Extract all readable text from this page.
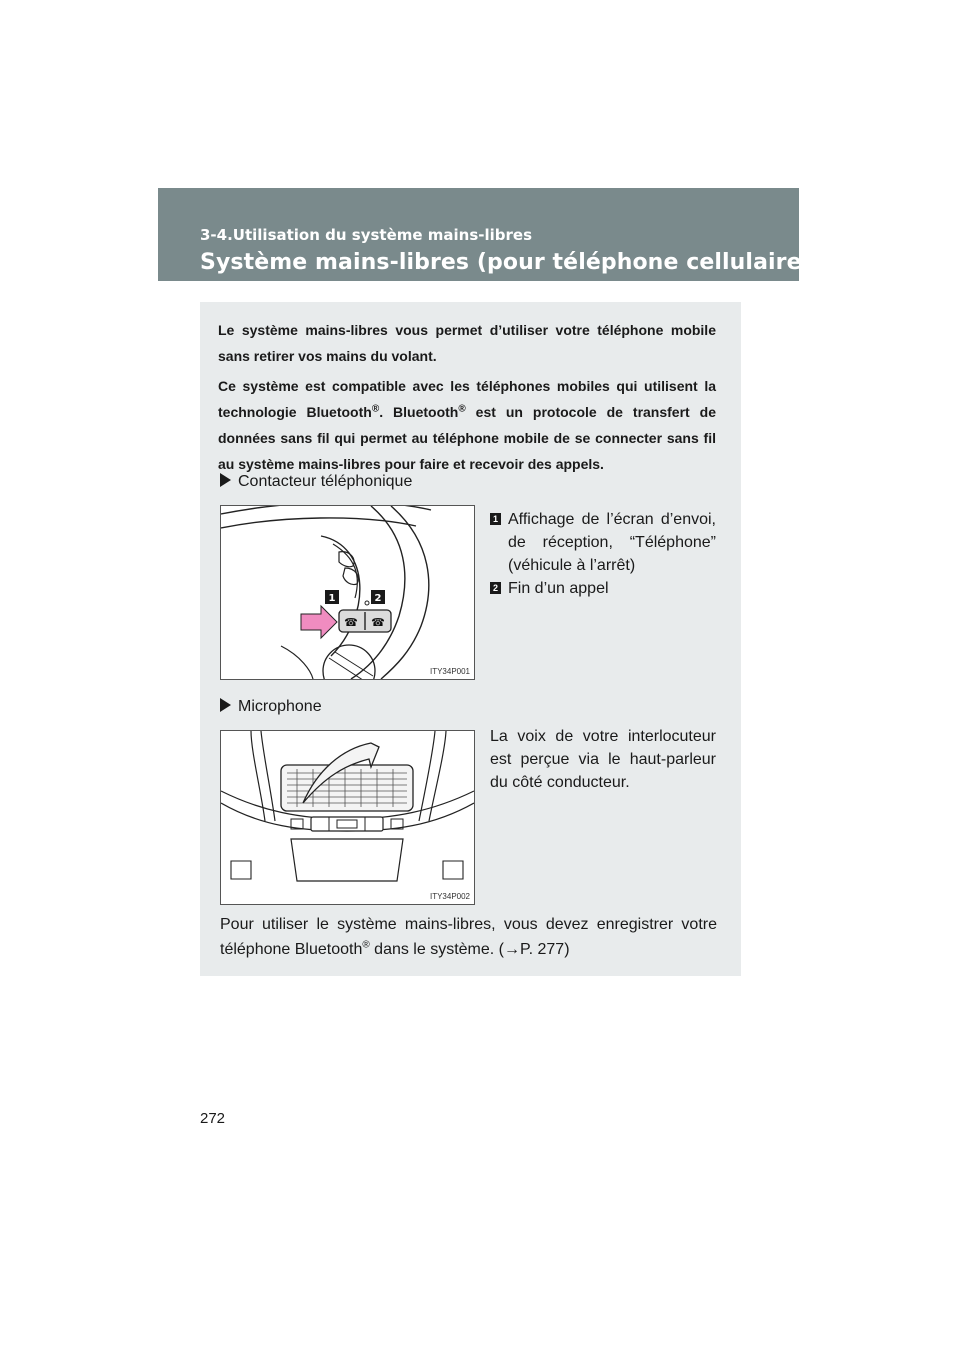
3-4.Utilisation du système mains-libres
Système mains-libres (pour téléphone cellulaire)

Le système mains-libres vous permet d’utiliser votre téléphone mobile sans retirer vos mains du volant.

Ce système est compatible avec les téléphones mobiles qui utilisent la technologie Bluetooth®. Bluetooth® est un protocole de transfert de données sans fil qui permet au téléphone mobile de se connecter sans fil au système mains-libres pour faire et recevoir des appels.

Contacteur téléphonique
☎ ☎
1	2
ITY34P001
1 Affichage de l’écran d’envoi, de réception, “Téléphone” (véhicule à l’arrêt)
2 Fin d’un appel
Microphone
ITY34P002

La voix de votre interlocuteur est perçue via le haut-parleur du côté conducteur.

Pour utiliser le système mains-libres, vous devez enregistrer votre téléphone Bluetooth® dans le système. (→P. 277)

272
